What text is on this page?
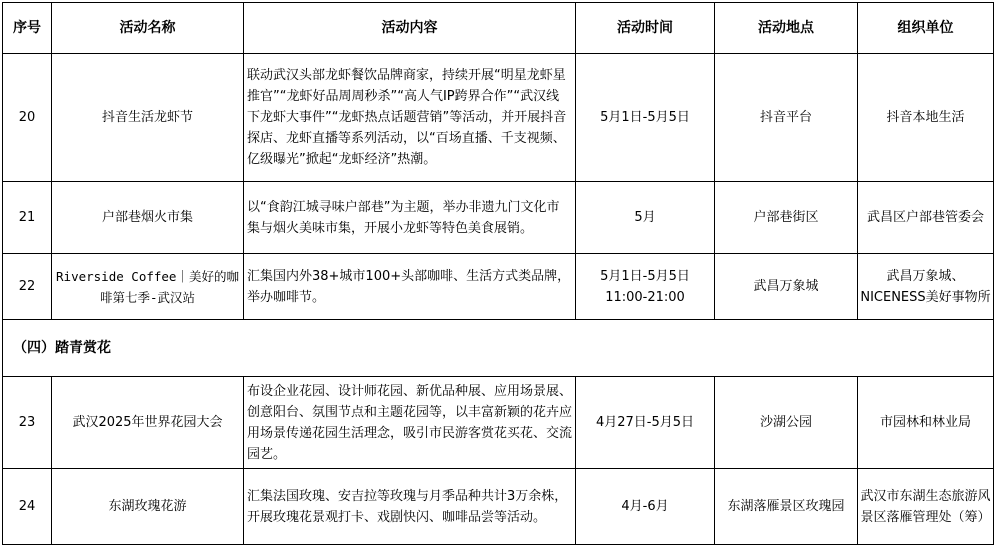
序号	活动名称	活动内容	活动时间	活动地点	组织单位
20	抖音生活龙虾节	联动武汉头部龙虾餐饮品牌商家，持续开展“明星龙虾星推官”“龙虾好品周周秒杀”“高人气IP跨界合作”“武汉线下龙虾大事件”“龙虾热点话题营销”等活动，并开展抖音探店、龙虾直播等系列活动，以“百场直播、千支视频、亿级曝光”掀起“龙虾经济”热潮。	5月1日-5月5日	抖音平台	抖音本地生活
21	户部巷烟火市集	以“食韵江城寻味户部巷”为主题，举办非遗九门文化市集与烟火美味市集，开展小龙虾等特色美食展销。	5月	户部巷街区	武昌区户部巷管委会
22	Riverside Coffee｜美好的咖啡第七季-武汉站	汇集国内外38+城市100+头部咖啡、生活方式类品牌，举办咖啡节。	5月1日-5月5日 11:00-21:00	武昌万象城	武昌万象城、NICENESS美好事物所
（四）踏青赏花					
23	武汉2025年世界花园大会	布设企业花园、设计师花园、新优品种展、应用场景展、创意阳台、氛围节点和主题花园等，以丰富新颖的花卉应用场景传递花园生活理念，吸引市民游客赏花买花、交流园艺。	4月27日-5月5日	沙湖公园	市园林和林业局
24	东湖玫瑰花游	汇集法国玫瑰、安吉拉等玫瑰与月季品种共计3万余株，开展玫瑰花景观打卡、戏剧快闪、咖啡品尝等活动。	4月-6月	东湖落雁景区玫瑰园	武汉市东湖生态旅游风景区落雁管理处（筹）
